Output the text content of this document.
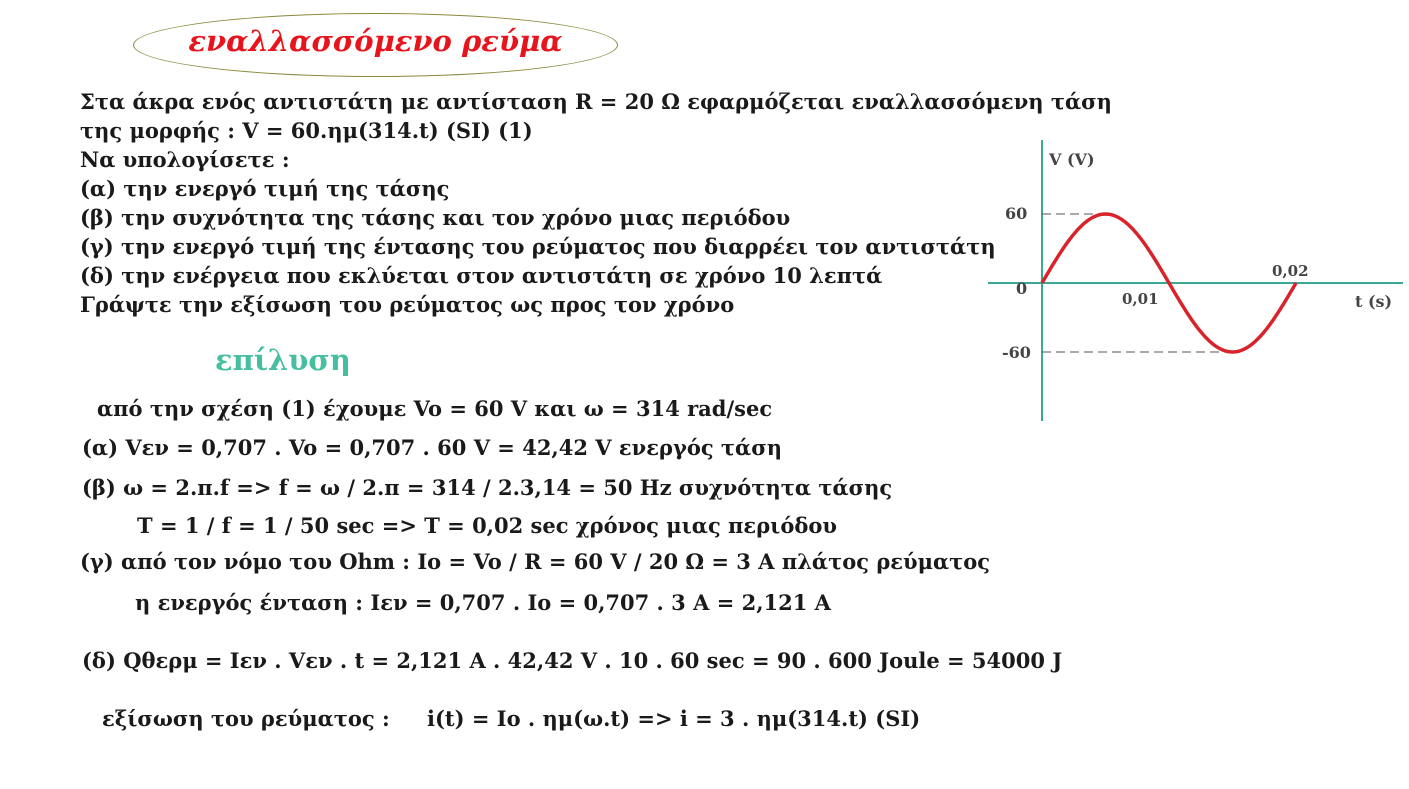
εναλλασσόμενο ρεύμα
Στα άκρα ενός αντιστάτη με αντίσταση R = 20 Ω εφαρμόζεται εναλλασσόμενη τάση
της μορφής : V = 60.ημ(314.t) (SI) (1)
Να υπολογίσετε :
(α) την ενεργό τιμή της τάσης
(β) την συχνότητα της τάσης και τον χρόνο μιας περιόδου
(γ) την ενεργό τιμή της έντασης του ρεύματος που διαρρέει τον αντιστάτη
(δ) την ενέργεια που εκλύεται στον αντιστάτη σε χρόνο 10 λεπτά
Γράψτε την εξίσωση του ρεύματος ως προς τον χρόνο
επίλυση
από την σχέση (1) έχουμε Vo = 60 V και ω = 314 rad/sec
(α) Vεν = 0,707 . Vo = 0,707 . 60 V = 42,42 V ενεργός τάση
(β) ω = 2.π.f => f = ω / 2.π = 314 / 2.3,14 = 50 Hz συχνότητα τάσης
T = 1 / f = 1 / 50 sec => T = 0,02 sec χρόνος μιας περιόδου
(γ) από τον νόμο του Ohm : Io = Vo / R = 60 V / 20 Ω = 3 A πλάτος ρεύματος
η ενεργός ένταση : Iεν = 0,707 . Io = 0,707 . 3 A = 2,121 A
(δ) Qθερμ = Iεν . Vεν . t = 2,121 A . 42,42 V . 10 . 60 sec = 90 . 600 Joule = 54000 J
εξίσωση του ρεύματος : i(t) = Io . ημ(ω.t) => i = 3 . ημ(314.t) (SI)
V (V)
t (s)
60
0
-60
0,01
0,02
